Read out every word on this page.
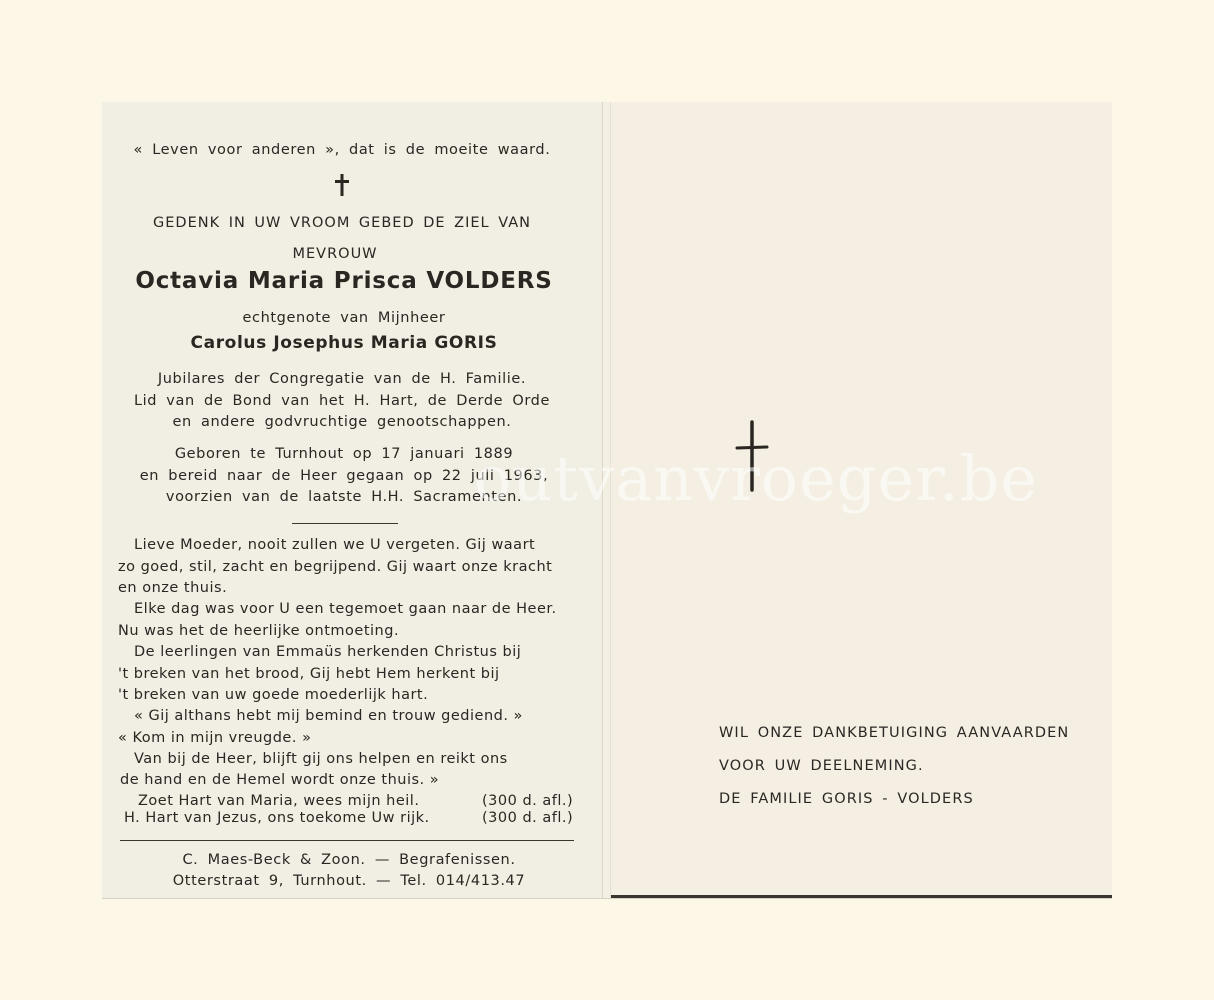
« Leven voor anderen », dat is de moeite waard.
GEDENK IN UW VROOM GEBED DE ZIEL VAN
MEVROUW
Octavia Maria Prisca VOLDERS
echtgenote van Mijnheer
Carolus Josephus Maria GORIS
Jubilares der Congregatie van de H. Familie.
Lid van de Bond van het H. Hart, de Derde Orde
en andere godvruchtige genootschappen.
Geboren te Turnhout op 17 januari 1889
en bereid naar de Heer gegaan op 22 juli 1963,
voorzien van de laatste H.H. Sacramenten.
Lieve Moeder, nooit zullen we U vergeten. Gij waart
zo goed, stil, zacht en begrijpend. Gij waart onze kracht
en onze thuis.
Elke dag was voor U een tegemoet gaan naar de Heer.
Nu was het de heerlijke ontmoeting.
De leerlingen van Emmaüs herkenden Christus bij
't breken van het brood, Gij hebt Hem herkent bij
't breken van uw goede moederlijk hart.
« Gij althans hebt mij bemind en trouw gediend. »
« Kom in mijn vreugde. »
Van bij de Heer, blijft gij ons helpen en reikt ons
de hand en de Hemel wordt onze thuis. »
Zoet Hart van Maria, wees mijn heil.	(300 d. afl.)
H. Hart van Jezus, ons toekome Uw rijk.	(300 d. afl.)
C. Maes-Beck & Zoon. — Begrafenissen.
Otterstraat 9, Turnhout. — Tel. 014/413.47
WIL ONZE DANKBETUIGING AANVAARDEN
VOOR UW DEELNEMING.
DE FAMILIE GORIS - VOLDERS
outvanvroeger.be
